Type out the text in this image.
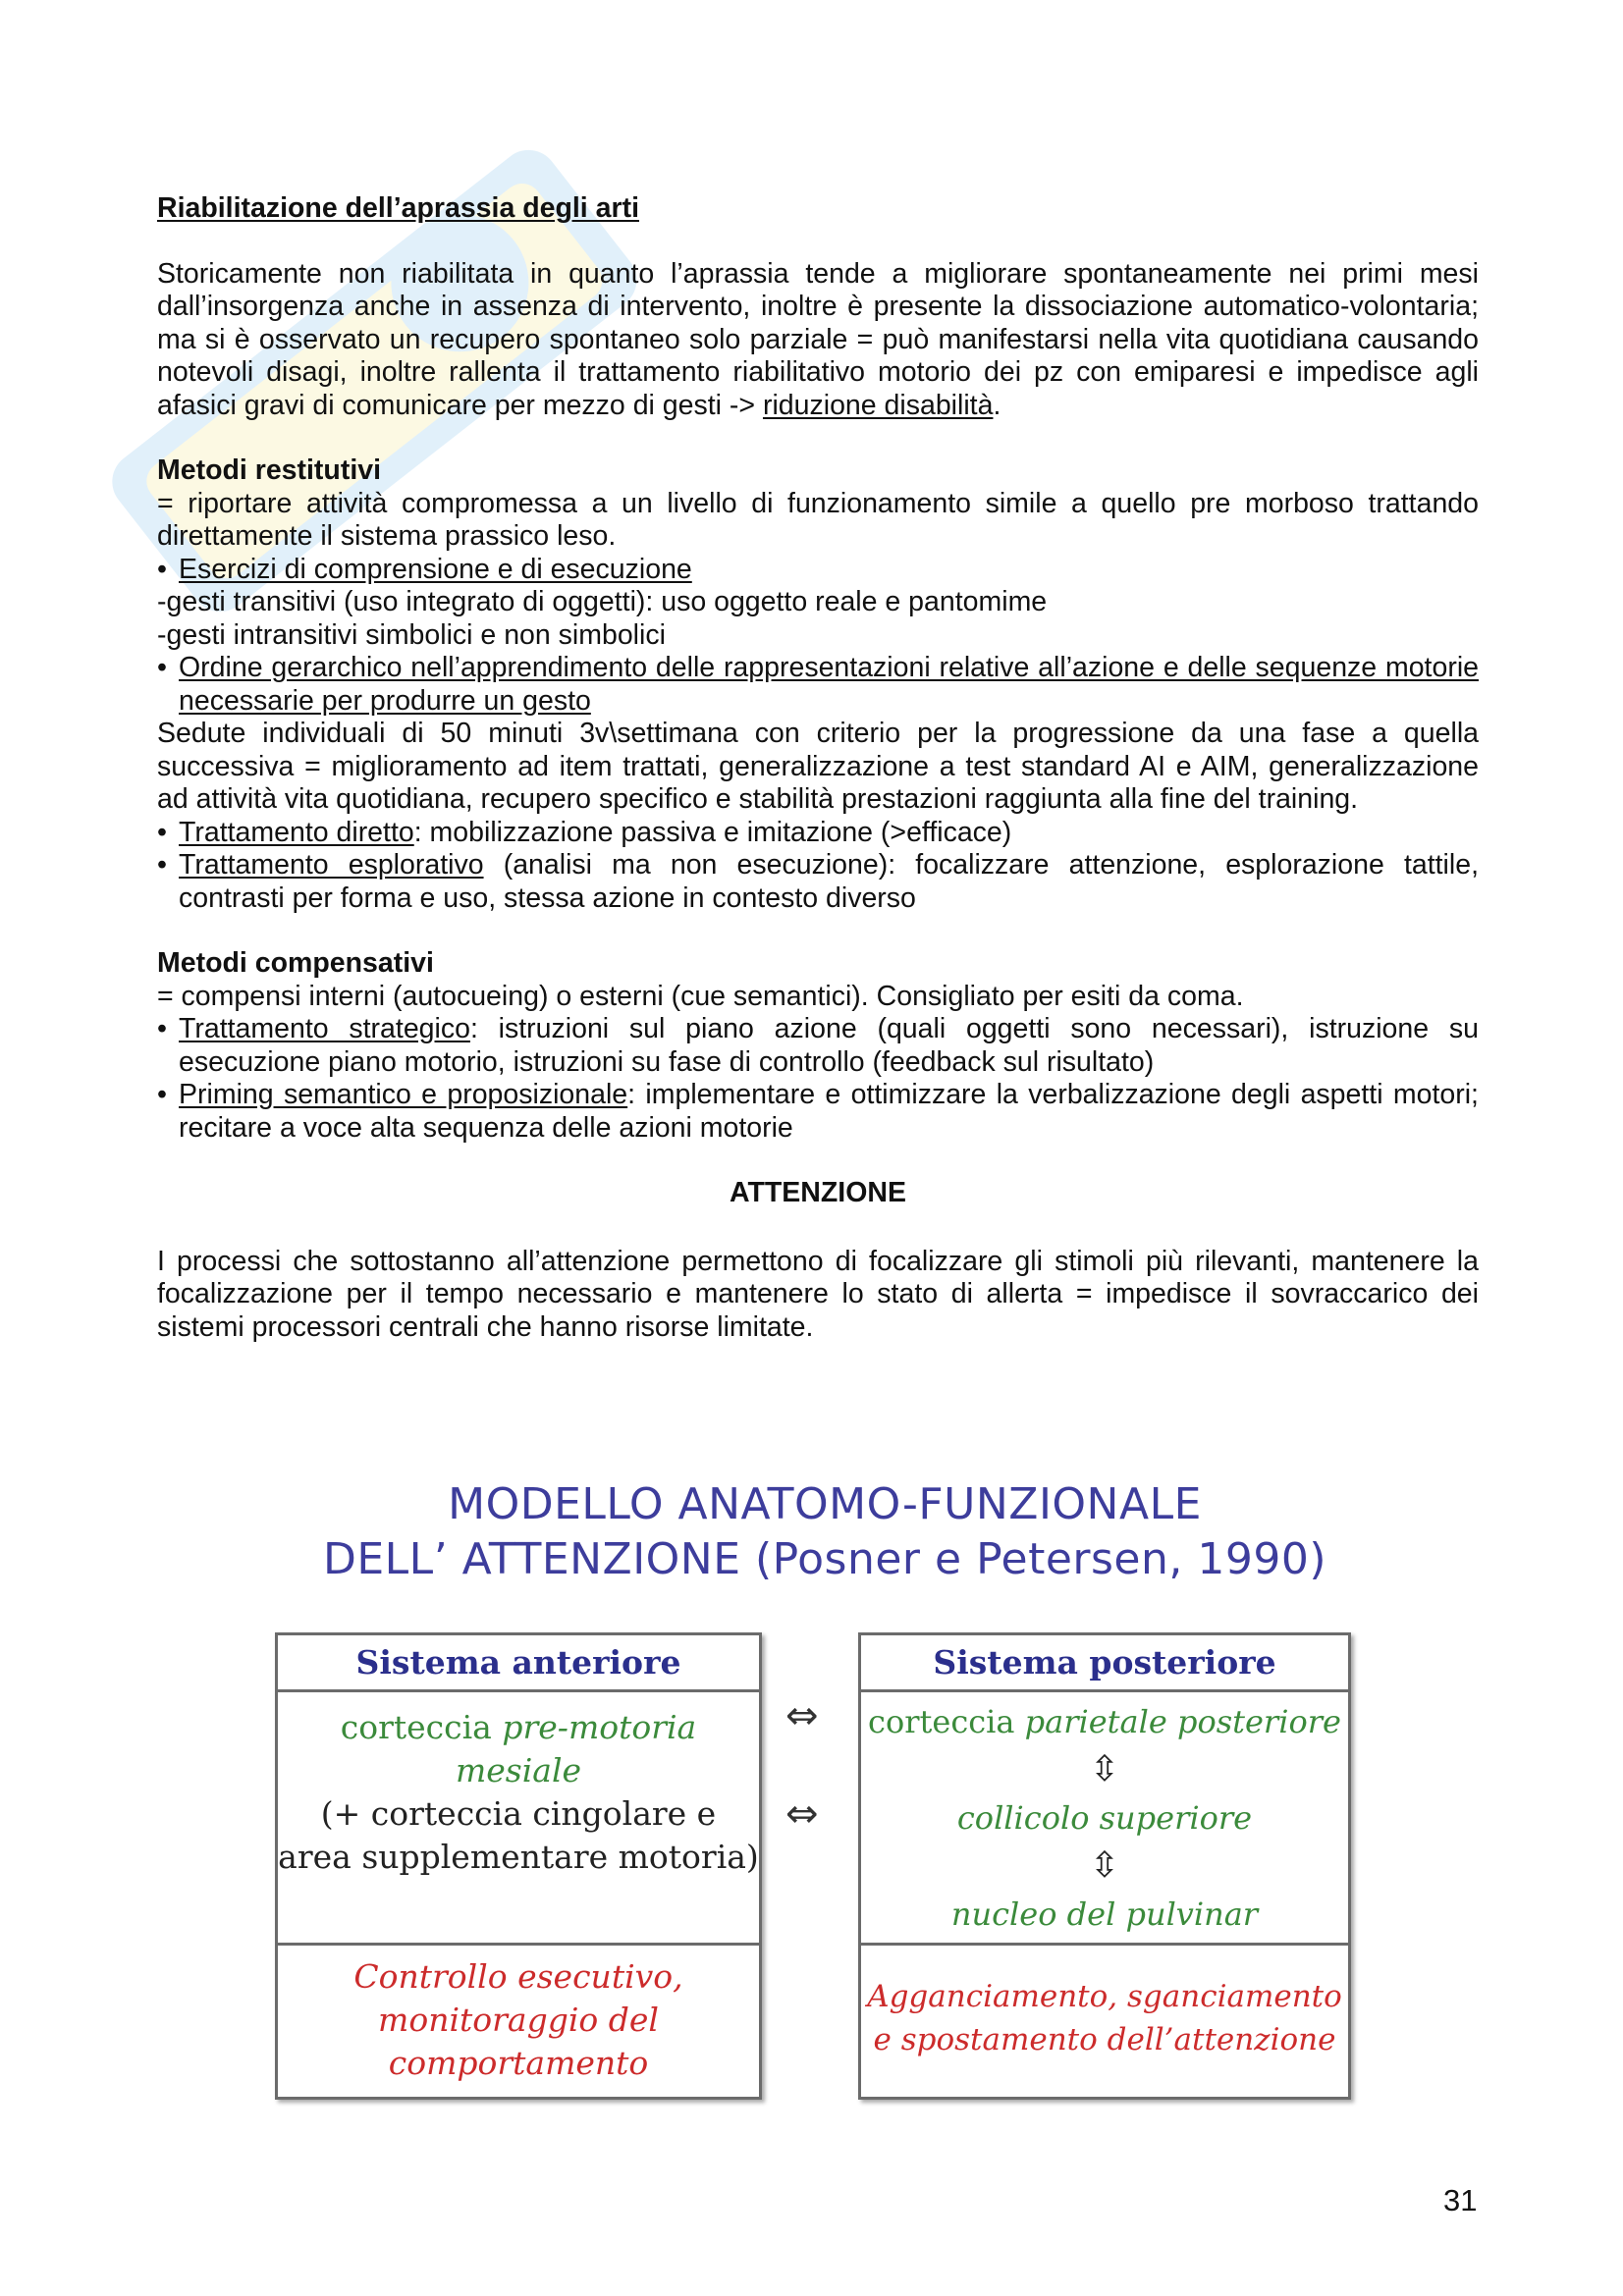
Riabilitazione dell’aprassia degli arti

Storicamente non riabilitata in quanto l’aprassia tende a migliorare spontaneamente nei primi mesi dall’insorgenza anche in assenza di intervento, inoltre è presente la dissociazione automatico-volontaria; ma si è osservato un recupero spontaneo solo parziale = può manifestarsi nella vita quotidiana causando notevoli disagi, inoltre rallenta il trattamento riabilitativo motorio dei pz con emiparesi e impedisce agli afasici gravi di comunicare per mezzo di gesti -> riduzione disabilità.

Metodi restitutivi

= riportare attività compromessa a un livello di funzionamento simile a quello pre morboso trattando direttamente il sistema prassico leso.

• Esercizi di comprensione e di esecuzione

-gesti transitivi (uso integrato di oggetti): uso oggetto reale e pantomime

-gesti intransitivi simbolici e non simbolici

• Ordine gerarchico nell’apprendimento delle rappresentazioni relative all’azione e delle sequenze motorie necessarie per produrre un gesto

Sedute individuali di 50 minuti 3v\settimana con criterio per la progressione da una fase a quella successiva = miglioramento ad item trattati, generalizzazione a test standard AI e AIM, generalizzazione ad attività vita quotidiana, recupero specifico e stabilità prestazioni raggiunta alla fine del training.

• Trattamento diretto: mobilizzazione passiva e imitazione (>efficace)
• Trattamento esplorativo (analisi ma non esecuzione): focalizzare attenzione, esplorazione tattile, contrasti per forma e uso, stessa azione in contesto diverso

Metodi compensativi

= compensi interni (autocueing) o esterni (cue semantici). Consigliato per esiti da coma.

• Trattamento strategico: istruzioni sul piano azione (quali oggetti sono necessari), istruzione su esecuzione piano motorio, istruzioni su fase di controllo (feedback sul risultato)
• Priming semantico e proposizionale: implementare e ottimizzare la verbalizzazione degli aspetti motori; recitare a voce alta sequenza delle azioni motorie

ATTENZIONE

I processi che sottostanno all’attenzione permettono di focalizzare gli stimoli più rilevanti, mantenere la focalizzazione per il tempo necessario e mantenere lo stato di allerta = impedisce il sovraccarico dei sistemi processori centrali che hanno risorse limitate.

MODELLO ANATOMO-FUNZIONALE
DELL’ ATTENZIONE (Posner e Petersen, 1990)
Sistema anteriore
corteccia pre-motoria mesiale
(+ corteccia cingolare e
area supplementare motoria)
Controllo esecutivo,
monitoraggio del
comportamento
⇔
⇔
Sistema posteriore
corteccia parietale posteriore
⇳
collicolo superiore
⇳
nucleo del pulvinar
Agganciamento, sganciamento
e spostamento dell’attenzione
31
